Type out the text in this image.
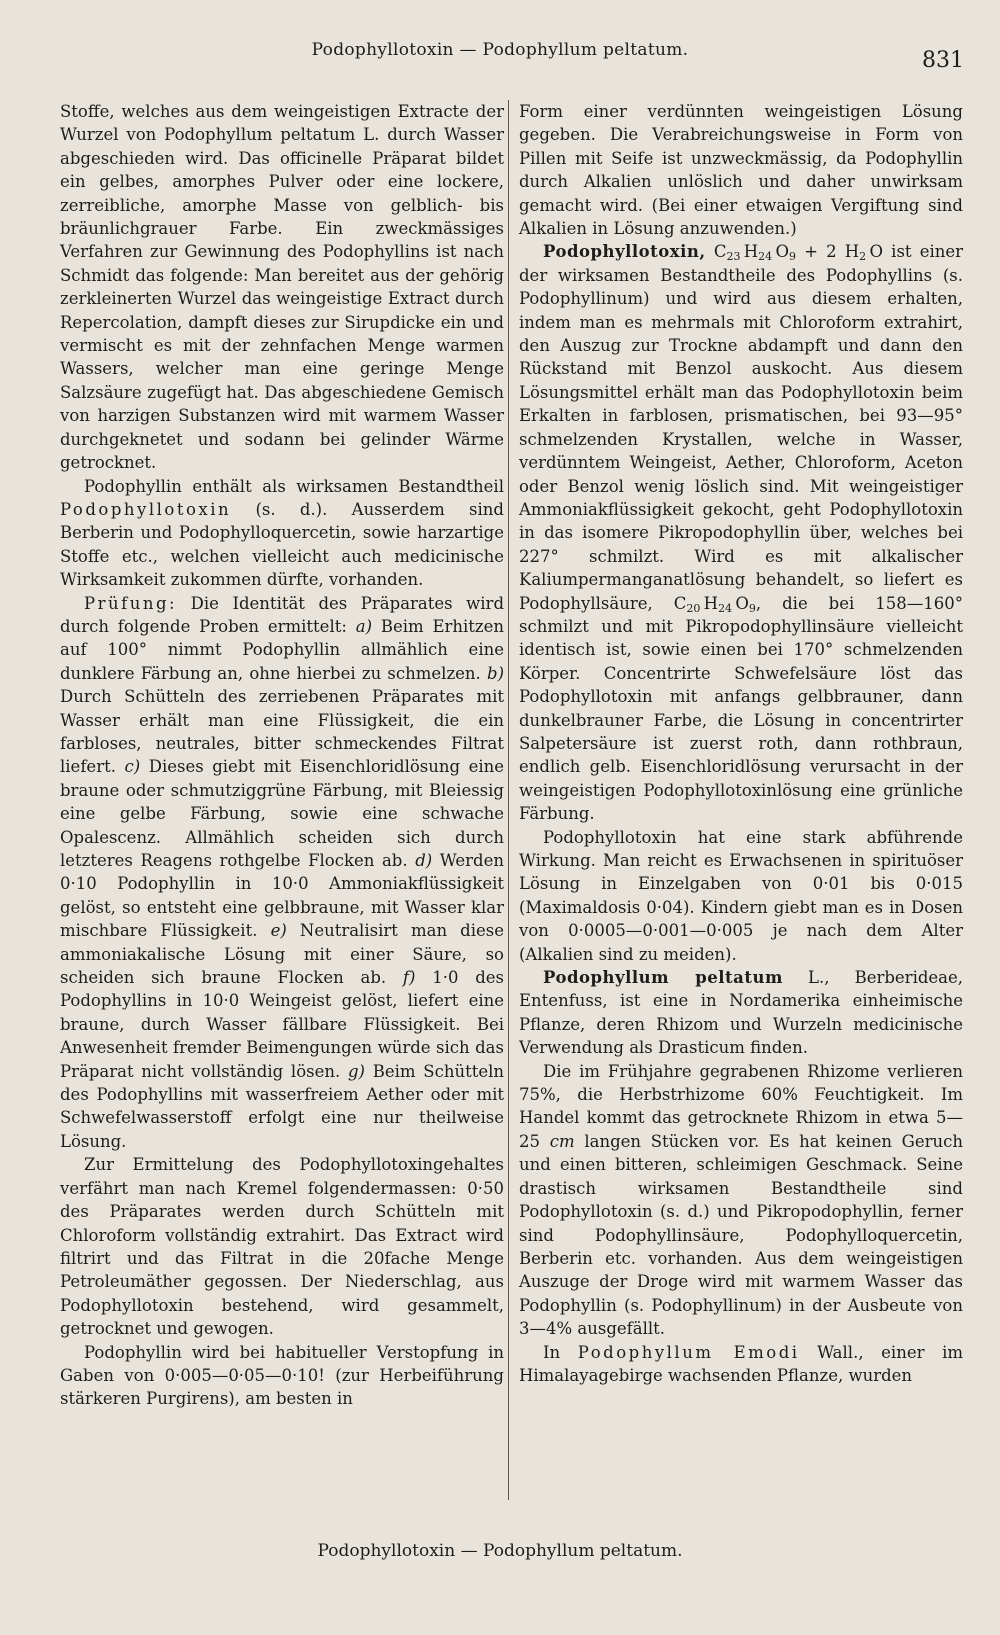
Podophyllotoxin — Podophyllum peltatum.	831

Stoffe, welches aus dem weingeistigen Extracte der Wurzel von Podophyllum peltatum L. durch Wasser abgeschieden wird. Das officinelle Präparat bildet ein gelbes, amorphes Pulver oder eine lockere, zerreibliche, amorphe Masse von gelblich- bis bräunlichgrauer Farbe. Ein zweckmässiges Verfahren zur Gewinnung des Podophyllins ist nach Schmidt das folgende: Man bereitet aus der gehörig zerkleinerten Wurzel das weingeistige Extract durch Repercolation, dampft dieses zur Sirupdicke ein und vermischt es mit der zehnfachen Menge warmen Wassers, welcher man eine geringe Menge Salzsäure zugefügt hat. Das abgeschiedene Gemisch von harzigen Substanzen wird mit warmem Wasser durchgeknetet und sodann bei gelinder Wärme getrocknet.

Podophyllin enthält als wirksamen Bestandtheil Podophyllotoxin (s. d.). Ausserdem sind Berberin und Podophylloquercetin, sowie harzartige Stoffe etc., welchen vielleicht auch medicinische Wirksamkeit zukommen dürfte, vorhanden.

Prüfung: Die Identität des Präparates wird durch folgende Proben ermittelt: a) Beim Erhitzen auf 100° nimmt Podophyllin allmählich eine dunklere Färbung an, ohne hierbei zu schmelzen. b) Durch Schütteln des zerriebenen Präparates mit Wasser erhält man eine Flüssigkeit, die ein farbloses, neutrales, bitter schmeckendes Filtrat liefert. c) Dieses giebt mit Eisenchloridlösung eine braune oder schmutziggrüne Färbung, mit Bleiessig eine gelbe Färbung, sowie eine schwache Opalescenz. Allmählich scheiden sich durch letzteres Reagens rothgelbe Flocken ab. d) Werden 0·10 Podophyllin in 10·0 Ammoniakflüssigkeit gelöst, so entsteht eine gelbbraune, mit Wasser klar mischbare Flüssigkeit. e) Neutralisirt man diese ammoniakalische Lösung mit einer Säure, so scheiden sich braune Flocken ab. f) 1·0 des Podophyllins in 10·0 Weingeist gelöst, liefert eine braune, durch Wasser fällbare Flüssigkeit. Bei Anwesenheit fremder Beimengungen würde sich das Präparat nicht vollständig lösen. g) Beim Schütteln des Podophyllins mit wasserfreiem Aether oder mit Schwefelwasserstoff erfolgt eine nur theilweise Lösung.

Zur Ermittelung des Podophyllotoxingehaltes verfährt man nach Kremel folgendermassen: 0·50 des Präparates werden durch Schütteln mit Chloroform vollständig extrahirt. Das Extract wird filtrirt und das Filtrat in die 20fache Menge Petroleumäther gegossen. Der Niederschlag, aus Podophyllotoxin bestehend, wird gesammelt, getrocknet und gewogen.

Podophyllin wird bei habitueller Verstopfung in Gaben von 0·005—0·05—0·10! (zur Herbeiführung stärkeren Purgirens), am besten in

Form einer verdünnten weingeistigen Lösung gegeben. Die Verabreichungsweise in Form von Pillen mit Seife ist unzweckmässig, da Podophyllin durch Alkalien unlöslich und daher unwirksam gemacht wird. (Bei einer etwaigen Vergiftung sind Alkalien in Lösung anzuwenden.)

Podophyllotoxin, $C_{23}$  $H_{24}$  $O_9 + 2$ $H_2$  O ist einer der wirksamen Bestandtheile des Podophyllins (s. Podophyllinum) und wird aus diesem erhalten, indem man es mehrmals mit Chloroform extrahirt, den Auszug zur Trockne abdampft und dann den Rückstand mit Benzol auskocht. Aus diesem Lösungsmittel erhält man das Podophyllotoxin beim Erkalten in farblosen, prismatischen, bei 93—95° schmelzenden Krystallen, welche in Wasser, verdünntem Weingeist, Aether, Chloroform, Aceton oder Benzol wenig löslich sind. Mit weingeistiger Ammoniakflüssigkeit gekocht, geht Podophyllotoxin in das isomere Pikropodophyllin über, welches bei 227° schmilzt. Wird es mit alkalischer Kaliumpermanganatlösung behandelt, so liefert es Podophyllsäure, $C_{20}$  $H_{24}$  $O_9$, die bei 158—160° schmilzt und mit Pikropodophyllinsäure vielleicht identisch ist, sowie einen bei 170° schmelzenden Körper. Concentrirte Schwefelsäure löst das Podophyllotoxin mit anfangs gelbbrauner, dann dunkelbrauner Farbe, die Lösung in concentrirter Salpetersäure ist zuerst roth, dann rothbraun, endlich gelb. Eisenchloridlösung verursacht in der weingeistigen Podophyllotoxinlösung eine grünliche Färbung.

Podophyllotoxin hat eine stark abführende Wirkung. Man reicht es Erwachsenen in spirituöser Lösung in Einzelgaben von 0·01 bis 0·015 (Maximaldosis 0·04). Kindern giebt man es in Dosen von 0·0005—0·001—0·005 je nach dem Alter (Alkalien sind zu meiden).

Podophyllum peltatum L., Berberideae, Entenfuss, ist eine in Nordamerika einheimische Pflanze, deren Rhizom und Wurzeln medicinische Verwendung als Drasticum finden.

Die im Frühjahre gegrabenen Rhizome verlieren 75%, die Herbstrhizome 60% Feuchtigkeit. Im Handel kommt das getrocknete Rhizom in etwa 5—25 cm langen Stücken vor. Es hat keinen Geruch und einen bitteren, schleimigen Geschmack. Seine drastisch wirksamen Bestandtheile sind Podophyllotoxin (s. d.) und Pikropodophyllin, ferner sind Podophyllinsäure, Podophylloquercetin, Berberin etc. vorhanden. Aus dem weingeistigen Auszuge der Droge wird mit warmem Wasser das Podophyllin (s. Podophyllinum) in der Ausbeute von 3—4% ausgefällt.

In Podophyllum Emodi Wall., einer im Himalayagebirge wachsenden Pflanze, wurden

Podophyllotoxin — Podophyllum peltatum.
